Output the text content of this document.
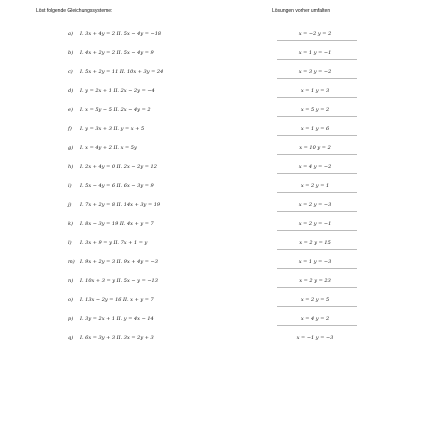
Löst folgende Gleichungssysteme:	Lösungen vorher umfalten
a) I. 3x + 4y = 2 II. 5x − 4y = −18	x = −2 y = 2
b) I. 4x + 2y = 2 II. 5x − 4y = 9	x = 1 y = −1
c) I. 5x + 2y = 11 II. 10x + 3y = 24	x = 3 y = −2
d) I. y = 2x + 1 II. 2x − 2y = −4	x = 1 y = 3
e) I. x = 5y − 5 II. 2x − 4y = 2	x = 5 y = 2
f) I. y = 3x + 3 II. y = x + 5	x = 1 y = 6
g) I. x = 4y + 2 II. x = 5y	x = 10 y = 2
h) I. 2x + 4y = 0 II. 2x − 2y = 12	x = 4 y = −2
i) I. 5x − 4y = 6 II. 6x − 3y = 9	x = 2 y = 1
j) I. 7x + 2y = 8 II. 14x + 3y = 19	x = 2 y = −3
k) I. 8x − 3y = 19 II. 4x + y = 7	x = 2 y = −1
l) I. 3x + 9 = y II. 7x + 1 = y	x = 2 y = 15
m) I. 9x + 2y = 3 II. 9x + 4y = −3	x = 1 y = −3
n) I. 10x + 3 = y II. 5x − y = −13	x = 2 y = 23
o) I. 13x − 2y = 16 II. x + y = 7	x = 2 y = 5
p) I. 3y = 2x + 1 II. y = 4x − 14	x = 4 y = 2
q) I. 6x = 3y + 3 II. 3x = 2y + 3	x = −1 y = −3
